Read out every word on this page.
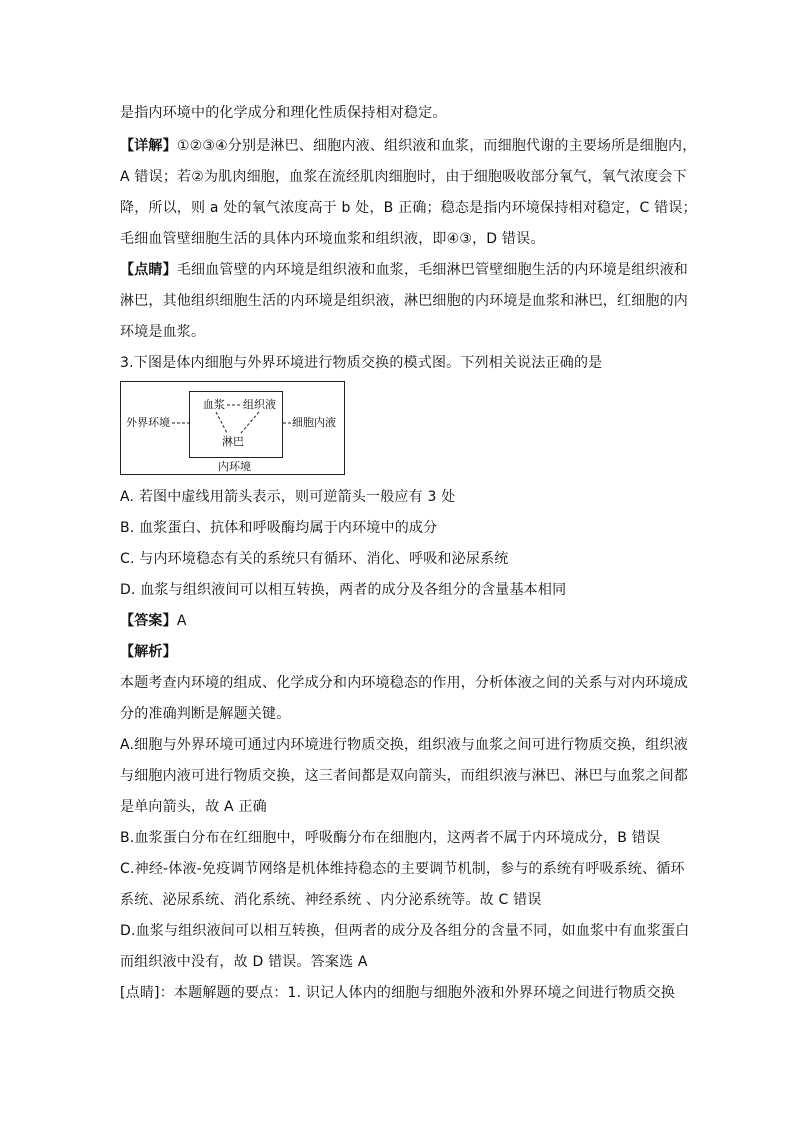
是指内环境中的化学成分和理化性质保持相对稳定。
【详解】①②③④分别是淋巴、细胞内液、组织液和血浆，而细胞代谢的主要场所是细胞内，
A 错误；若②为肌肉细胞，血浆在流经肌肉细胞时，由于细胞吸收部分氧气，氧气浓度会下
降，所以，则 a 处的氧气浓度高于 b 处，B 正确；稳态是指内环境保持相对稳定，C 错误；
毛细血管壁细胞生活的具体内环境血浆和组织液，即④③，D 错误。
【点睛】毛细血管壁的内环境是组织液和血浆，毛细淋巴管壁细胞生活的内环境是组织液和
淋巴，其他组织细胞生活的内环境是组织液，淋巴细胞的内环境是血浆和淋巴，红细胞的内
环境是血浆。
3.下图是体内细胞与外界环境进行物质交换的模式图。下列相关说法正确的是
外界环境
血浆 组织液
淋巴
细胞内液
内环境
A. 若图中虚线用箭头表示，则可逆箭头一般应有 3 处
B. 血浆蛋白、抗体和呼吸酶均属于内环境中的成分
C. 与内环境稳态有关的系统只有循环、消化、呼吸和泌尿系统
D. 血浆与组织液间可以相互转换，两者的成分及各组分的含量基本相同
【答案】A
【解析】
本题考查内环境的组成、化学成分和内环境稳态的作用，分析体液之间的关系与对内环境成
分的准确判断是解题关键。
A.细胞与外界环境可通过内环境进行物质交换，组织液与血浆之间可进行物质交换，组织液
与细胞内液可进行物质交换，这三者间都是双向箭头，而组织液与淋巴、淋巴与血浆之间都
是单向箭头，故 A 正确
B.血浆蛋白分布在红细胞中，呼吸酶分布在细胞内，这两者不属于内环境成分，B 错误
C.神经-体液-免疫调节网络是机体维持稳态的主要调节机制，参与的系统有呼吸系统、循环
系统、泌尿系统、消化系统、神经系统 、内分泌系统等。故 C 错误
D.血浆与组织液间可以相互转换，但两者的成分及各组分的含量不同，如血浆中有血浆蛋白
而组织液中没有，故 D 错误。答案选 A
[点睛]：本题解题的要点：1. 识记人体内的细胞与细胞外液和外界环境之间进行物质交换
